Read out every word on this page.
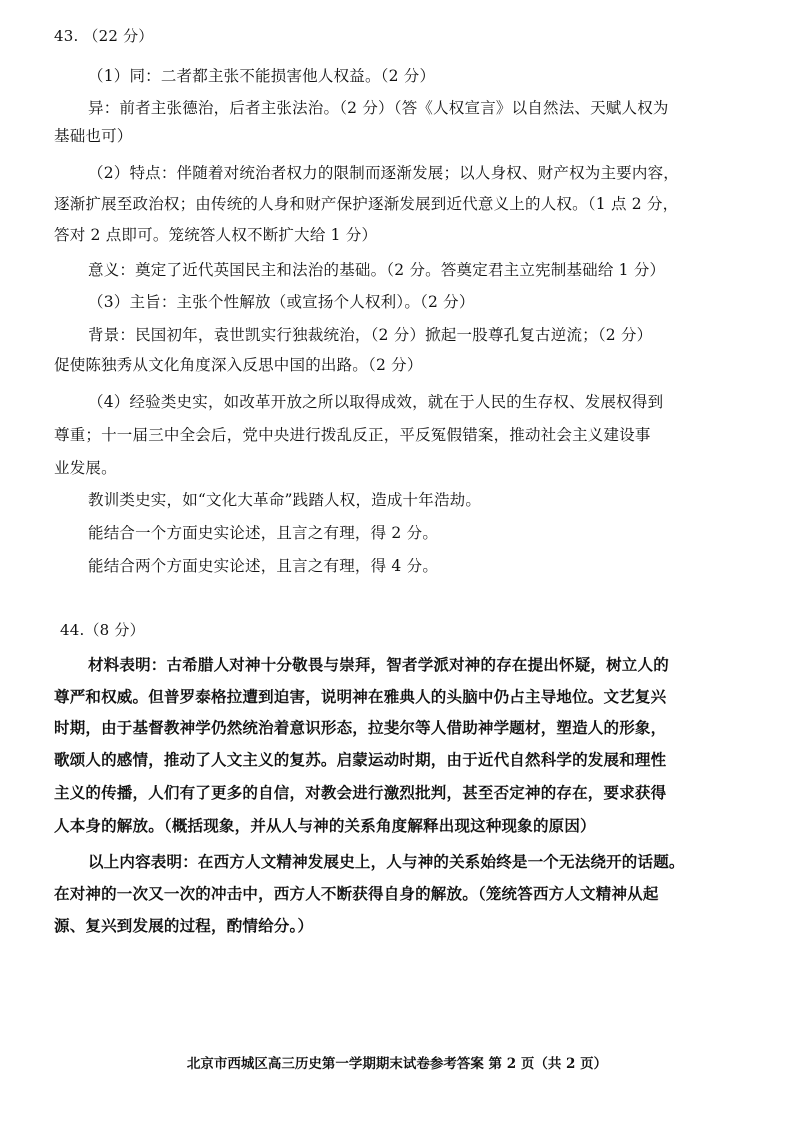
43. （22 分）
（1）同：二者都主张不能损害他人权益。（2 分）
异：前者主张德治，后者主张法治。（2 分）（答《人权宣言》以自然法、天赋人权为
基础也可）
（2）特点：伴随着对统治者权力的限制而逐渐发展；以人身权、财产权为主要内容，
逐渐扩展至政治权；由传统的人身和财产保护逐渐发展到近代意义上的人权。（1 点 2 分，
答对 2 点即可。笼统答人权不断扩大给 1 分）
意义：奠定了近代英国民主和法治的基础。（2 分。答奠定君主立宪制基础给 1 分）
（3）主旨：主张个性解放（或宣扬个人权利）。（2 分）
背景：民国初年，袁世凯实行独裁统治，（2 分）掀起一股尊孔复古逆流；（2 分）
促使陈独秀从文化角度深入反思中国的出路。（2 分）
（4）经验类史实，如改革开放之所以取得成效，就在于人民的生存权、发展权得到
尊重；十一届三中全会后，党中央进行拨乱反正，平反冤假错案，推动社会主义建设事
业发展。
教训类史实，如“文化大革命”践踏人权，造成十年浩劫。
能结合一个方面史实论述，且言之有理，得 2 分。
能结合两个方面史实论述，且言之有理，得 4 分。
44.（8 分）
材料表明：古希腊人对神十分敬畏与崇拜，智者学派对神的存在提出怀疑，树立人的
尊严和权威。但普罗泰格拉遭到迫害，说明神在雅典人的头脑中仍占主导地位。文艺复兴
时期，由于基督教神学仍然统治着意识形态，拉斐尔等人借助神学题材，塑造人的形象，
歌颂人的感情，推动了人文主义的复苏。启蒙运动时期，由于近代自然科学的发展和理性
主义的传播，人们有了更多的自信，对教会进行激烈批判，甚至否定神的存在，要求获得
人本身的解放。（概括现象，并从人与神的关系角度解释出现这种现象的原因）
以上内容表明：在西方人文精神发展史上，人与神的关系始终是一个无法绕开的话题。
在对神的一次又一次的冲击中，西方人不断获得自身的解放。（笼统答西方人文精神从起
源、复兴到发展的过程，酌情给分。）
北京市西城区高三历史第一学期期末试卷参考答案 第 2 页（共 2 页）
